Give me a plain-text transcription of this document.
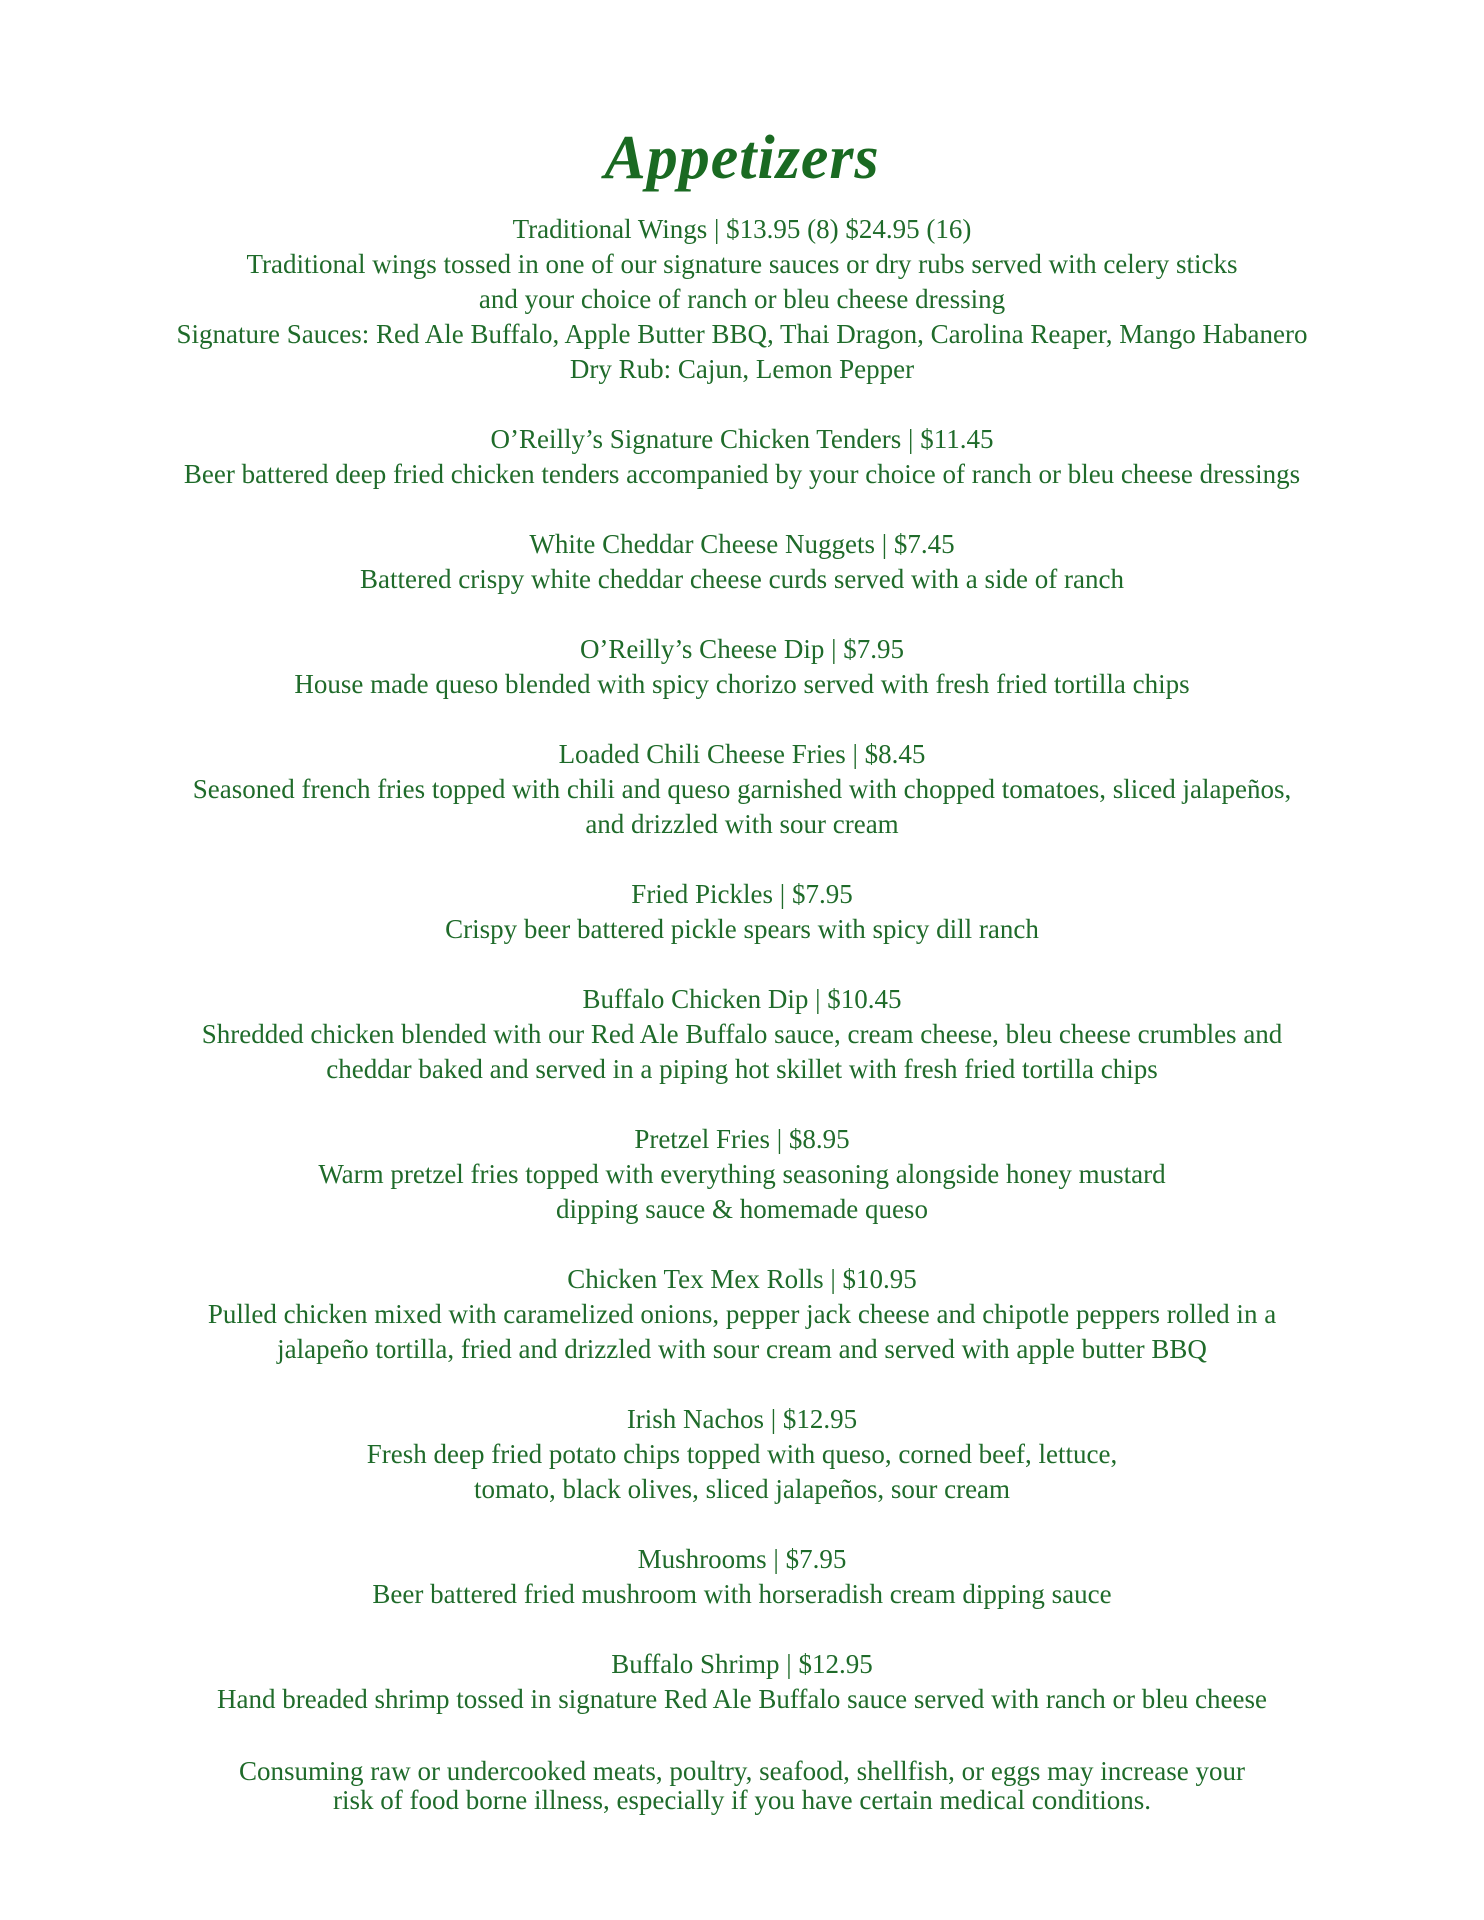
Appetizers
Traditional Wings | $13.95 (8) $24.95 (16)
Traditional wings tossed in one of our signature sauces or dry rubs served with celery sticks
and your choice of ranch or bleu cheese dressing
Signature Sauces: Red Ale Buffalo, Apple Butter BBQ, Thai Dragon, Carolina Reaper, Mango Habanero
Dry Rub: Cajun, Lemon Pepper
O’Reilly’s Signature Chicken Tenders | $11.45
Beer battered deep fried chicken tenders accompanied by your choice of ranch or bleu cheese dressings
White Cheddar Cheese Nuggets | $7.45
Battered crispy white cheddar cheese curds served with a side of ranch
O’Reilly’s Cheese Dip | $7.95
House made queso blended with spicy chorizo served with fresh fried tortilla chips
Loaded Chili Cheese Fries | $8.45
Seasoned french fries topped with chili and queso garnished with chopped tomatoes, sliced jalapeños,
and drizzled with sour cream
Fried Pickles | $7.95
Crispy beer battered pickle spears with spicy dill ranch
Buffalo Chicken Dip | $10.45
Shredded chicken blended with our Red Ale Buffalo sauce, cream cheese, bleu cheese crumbles and
cheddar baked and served in a piping hot skillet with fresh fried tortilla chips
Pretzel Fries | $8.95
Warm pretzel fries topped with everything seasoning alongside honey mustard
dipping sauce & homemade queso
Chicken Tex Mex Rolls | $10.95
Pulled chicken mixed with caramelized onions, pepper jack cheese and chipotle peppers rolled in a
jalapeño tortilla, fried and drizzled with sour cream and served with apple butter BBQ
Irish Nachos | $12.95
Fresh deep fried potato chips topped with queso, corned beef, lettuce,
tomato, black olives, sliced jalapeños, sour cream
Mushrooms | $7.95
Beer battered fried mushroom with horseradish cream dipping sauce
Buffalo Shrimp | $12.95
Hand breaded shrimp tossed in signature Red Ale Buffalo sauce served with ranch or bleu cheese
Consuming raw or undercooked meats, poultry, seafood, shellfish, or eggs may increase your
risk of food borne illness, especially if you have certain medical conditions.
